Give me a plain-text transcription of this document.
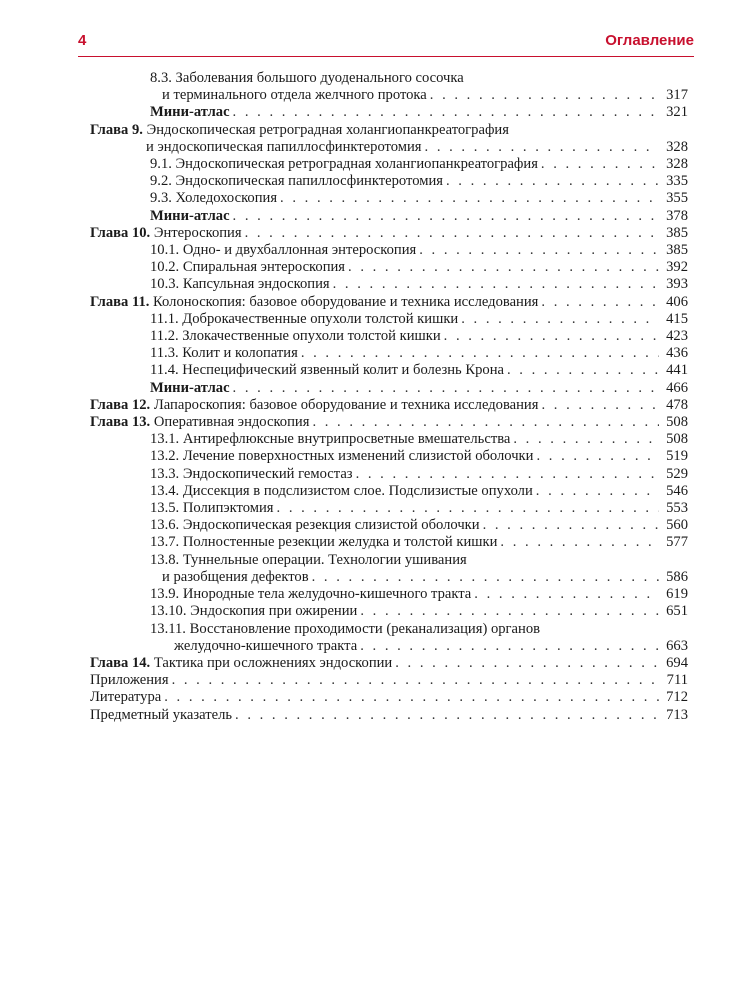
4	Оглавление
8.3. Заболевания большого дуоденального сосочка
и терминального отдела желчного протока . . .	317
Мини-атлас . . .	321
Глава 9. Эндоскопическая ретроградная холангиопанкреатография
и эндоскопическая папиллосфинктеротомия . . .	328
9.1. Эндоскопическая ретроградная холангиопанкреатография . . .	328
9.2. Эндоскопическая папиллосфинктеротомия . . .	335
9.3. Холедохоскопия . . .	355
Мини-атлас . . .	378
Глава 10. Энтероскопия . . .	385
10.1. Одно- и двухбаллонная энтероскопия . . .	385
10.2. Спиральная энтероскопия . . .	392
10.3. Капсульная эндоскопия . . .	393
Глава 11. Колоноскопия: базовое оборудование и техника исследования . . .	406
11.1. Доброкачественные опухоли толстой кишки . . .	415
11.2. Злокачественные опухоли толстой кишки . . .	423
11.3. Колит и колопатия . . .	436
11.4. Неспецифический язвенный колит и болезнь Крона . . .	441
Мини-атлас . . .	466
Глава 12. Лапароскопия: базовое оборудование и техника исследования . . .	478
Глава 13. Оперативная эндоскопия . . .	508
13.1. Антирефлюксные внутрипросветные вмешательства . . .	508
13.2. Лечение поверхностных изменений слизистой оболочки . . .	519
13.3. Эндоскопический гемостаз . . .	529
13.4. Диссекция в подслизистом слое. Подслизистые опухоли . . .	546
13.5. Полипэктомия . . .	553
13.6. Эндоскопическая резекция слизистой оболочки . . .	560
13.7. Полностенные резекции желудка и толстой кишки . . .	577
13.8. Туннельные операции. Технологии ушивания
и разобщения дефектов . . .	586
13.9. Инородные тела желудочно-кишечного тракта . . .	619
13.10. Эндоскопия при ожирении . . .	651
13.11. Восстановление проходимости (реканализация) органов
желудочно-кишечного тракта . . .	663
Глава 14. Тактика при осложнениях эндоскопии . . .	694
Приложения . . .	711
Литература . . .	712
Предметный указатель . . .	713
